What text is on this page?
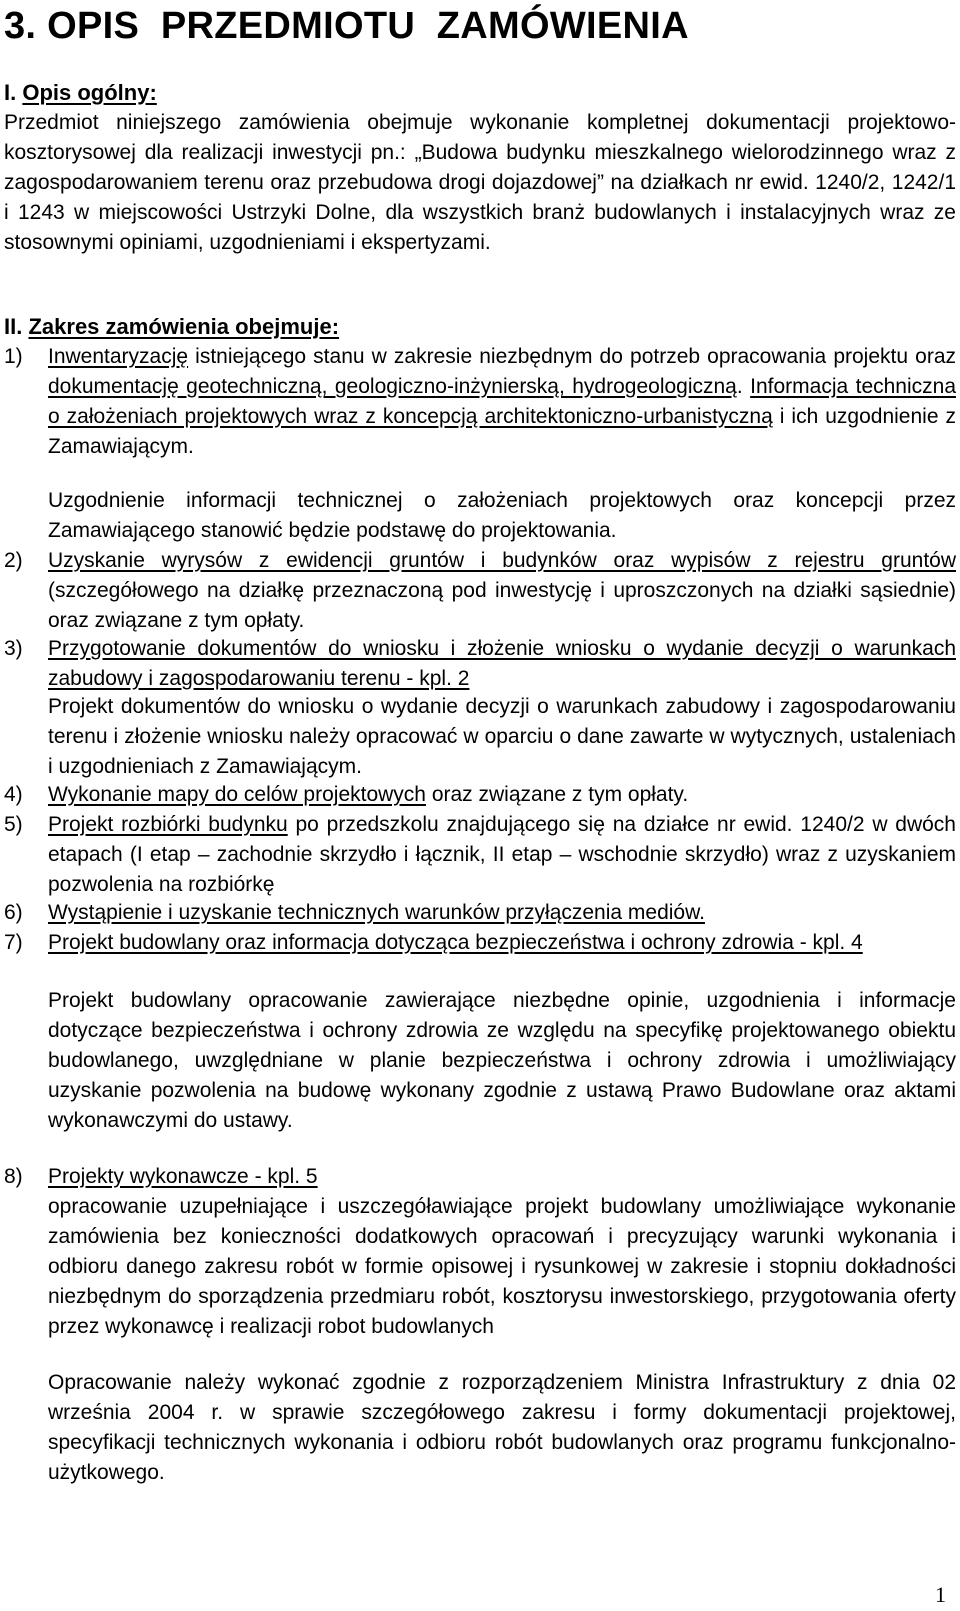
3. OPIS  PRZEDMIOTU  ZAMÓWIENIA
I. Opis ogólny:
Przedmiot niniejszego zamówienia obejmuje wykonanie kompletnej dokumentacji projektowo-kosztorysowej dla realizacji inwestycji pn.: „Budowa budynku mieszkalnego wielorodzinnego wraz z zagospodarowaniem terenu oraz przebudowa drogi dojazdowej” na działkach nr ewid. 1240/2, 1242/1 i 1243 w miejscowości Ustrzyki Dolne, dla wszystkich branż budowlanych i instalacyjnych wraz ze stosownymi opiniami, uzgodnieniami i ekspertyzami.
II. Zakres zamówienia obejmuje:
1) Inwentaryzację istniejącego stanu w zakresie niezbędnym do potrzeb opracowania projektu oraz dokumentację geotechniczną, geologiczno-inżynierską, hydrogeologiczną. Informacja techniczna o założeniach projektowych wraz z koncepcją architektoniczno-urbanistyczną i ich uzgodnienie z Zamawiającym.
Uzgodnienie informacji technicznej o założeniach projektowych oraz koncepcji przez Zamawiającego stanowić będzie podstawę do projektowania.
2) Uzyskanie wyrysów z ewidencji gruntów i budynków oraz wypisów z rejestru gruntów (szczegółowego na działkę przeznaczoną pod inwestycję i uproszczonych na działki sąsiednie) oraz związane z tym opłaty.
3) Przygotowanie dokumentów do wniosku i złożenie wniosku o wydanie decyzji o warunkach zabudowy i zagospodarowaniu terenu - kpl. 2
Projekt dokumentów do wniosku o wydanie decyzji o warunkach zabudowy i zagospodarowaniu terenu i złożenie wniosku należy opracować w oparciu o dane zawarte w wytycznych, ustaleniach i uzgodnieniach z Zamawiającym.
4) Wykonanie mapy do celów projektowych oraz związane z tym opłaty.
5) Projekt rozbiórki budynku po przedszkolu znajdującego się na działce nr ewid. 1240/2 w dwóch etapach (I etap – zachodnie skrzydło i łącznik, II etap – wschodnie skrzydło) wraz z uzyskaniem pozwolenia na rozbiórkę
6) Wystąpienie i uzyskanie technicznych warunków przyłączenia mediów.
7) Projekt budowlany oraz informacja dotycząca bezpieczeństwa i ochrony zdrowia - kpl. 4
Projekt budowlany opracowanie zawierające niezbędne opinie, uzgodnienia i informacje dotyczące bezpieczeństwa i ochrony zdrowia ze względu na specyfikę projektowanego obiektu budowlanego, uwzględniane w planie bezpieczeństwa i ochrony zdrowia i umożliwiający uzyskanie pozwolenia na budowę wykonany zgodnie z ustawą Prawo Budowlane oraz aktami wykonawczymi do ustawy.
8) Projekty wykonawcze - kpl. 5
opracowanie uzupełniające i uszczegóławiające projekt budowlany umożliwiające wykonanie zamówienia bez konieczności dodatkowych opracowań i precyzujący warunki wykonania i odbioru danego zakresu robót w formie opisowej i rysunkowej w zakresie i stopniu dokładności niezbędnym do sporządzenia przedmiaru robót, kosztorysu inwestorskiego, przygotowania oferty przez wykonawcę i realizacji robot budowlanych
Opracowanie należy wykonać zgodnie z rozporządzeniem Ministra Infrastruktury z dnia 02 września 2004 r. w sprawie szczegółowego zakresu i formy dokumentacji projektowej, specyfikacji technicznych wykonania i odbioru robót budowlanych oraz programu funkcjonalno-użytkowego.
1
